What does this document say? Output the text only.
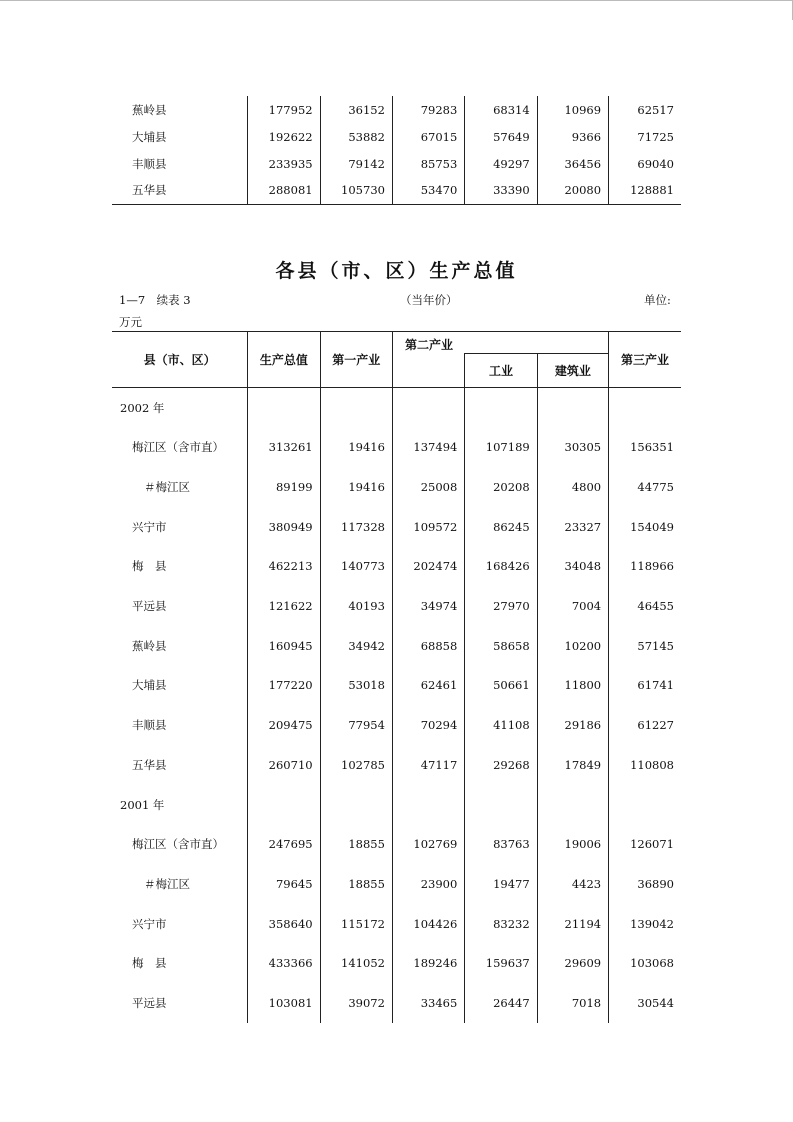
蕉岭县	177952	36152	79283	68314	10969	62517
大埔县	192622	53882	67015	57649	9366	71725
丰顺县	233935	79142	85753	49297	36456	69040
五华县	288081	105730	53470	33390	20080	128881
各县（市、区）生产总值
1—7　续表 3	（当年价）	单位:
万元
县（市、区）	生产总值	第一产业	第二产业			第三产业
				工业	建筑业	
2002 年						
梅江区（含市直）	313261	19416	137494	107189	30305	156351
＃梅江区	89199	19416	25008	20208	4800	44775
兴宁市	380949	117328	109572	86245	23327	154049
梅　县	462213	140773	202474	168426	34048	118966
平远县	121622	40193	34974	27970	7004	46455
蕉岭县	160945	34942	68858	58658	10200	57145
大埔县	177220	53018	62461	50661	11800	61741
丰顺县	209475	77954	70294	41108	29186	61227
五华县	260710	102785	47117	29268	17849	110808
2001 年						
梅江区（含市直）	247695	18855	102769	83763	19006	126071
＃梅江区	79645	18855	23900	19477	4423	36890
兴宁市	358640	115172	104426	83232	21194	139042
梅　县	433366	141052	189246	159637	29609	103068
平远县	103081	39072	33465	26447	7018	30544
